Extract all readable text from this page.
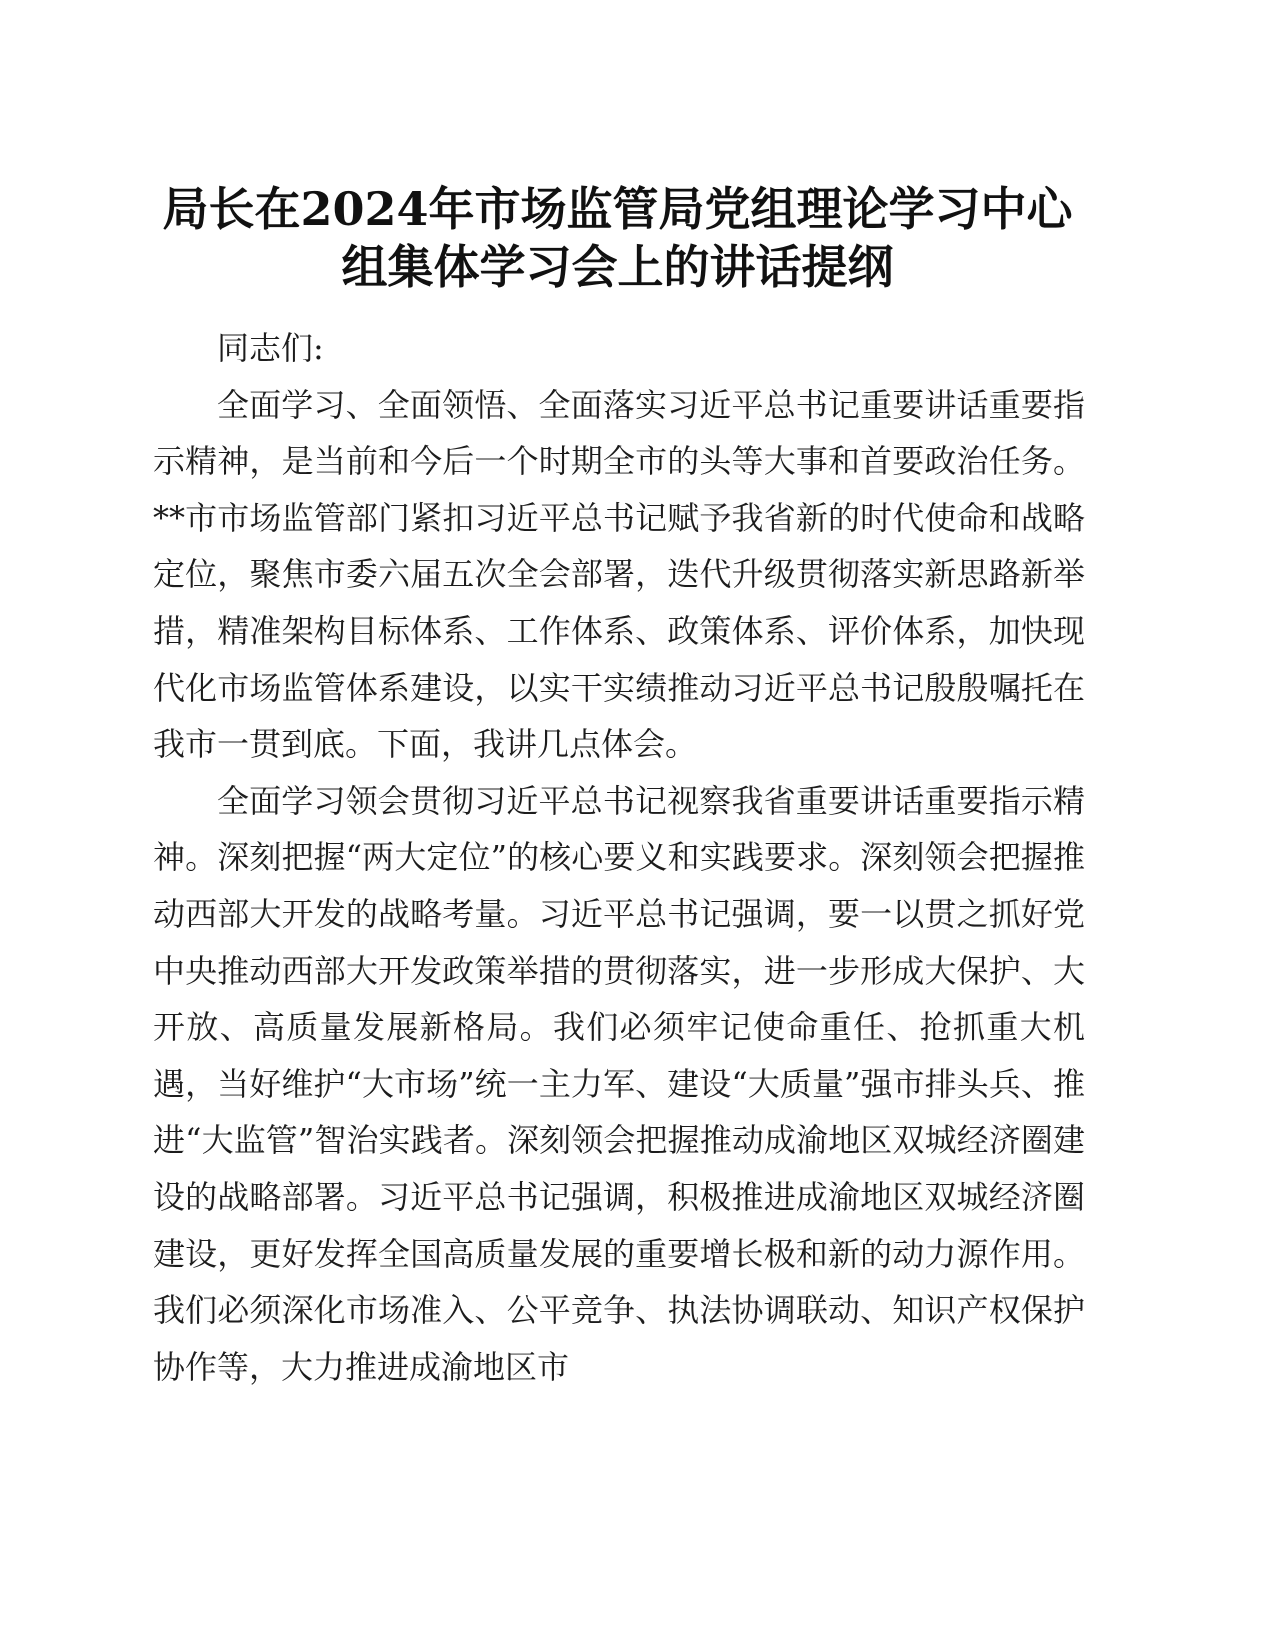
局长在2024年市场监管局党组理论学习中心组集体学习会上的讲话提纲

同志们:

全面学习、全面领悟、全面落实习近平总书记重要讲话重要指示精神，是当前和今后一个时期全市的头等大事和首要政治任务。**市市场监管部门紧扣习近平总书记赋予我省新的时代使命和战略定位，聚焦市委六届五次全会部署，迭代升级贯彻落实新思路新举措，精准架构目标体系、工作体系、政策体系、评价体系，加快现代化市场监管体系建设，以实干实绩推动习近平总书记殷殷嘱托在我市一贯到底。下面，我讲几点体会。

全面学习领会贯彻习近平总书记视察我省重要讲话重要指示精神。深刻把握“两大定位”的核心要义和实践要求。深刻领会把握推动西部大开发的战略考量。习近平总书记强调，要一以贯之抓好党中央推动西部大开发政策举措的贯彻落实，进一步形成大保护、大开放、高质量发展新格局。我们必须牢记使命重任、抢抓重大机遇，当好维护“大市场”统一主力军、建设“大质量”强市排头兵、推进“大监管”智治实践者。深刻领会把握推动成渝地区双城经济圈建设的战略部署。习近平总书记强调，积极推进成渝地区双城经济圈建设，更好发挥全国高质量发展的重要增长极和新的动力源作用。我们必须深化市场准入、公平竞争、执法协调联动、知识产权保护协作等，大力推进成渝地区市
